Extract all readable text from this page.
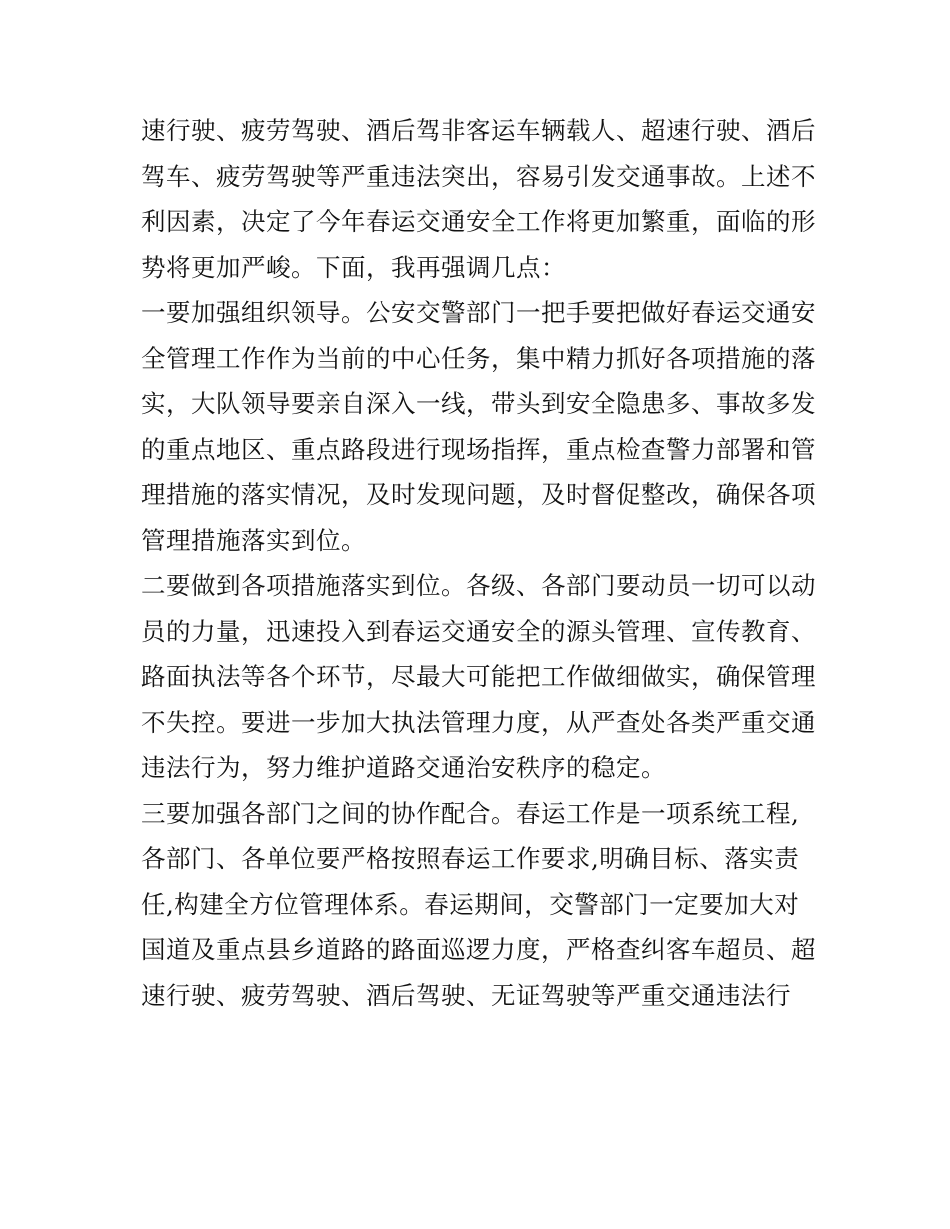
速行驶、疲劳驾驶、酒后驾非客运车辆载人、超速行驶、酒后
驾车、疲劳驾驶等严重违法突出，容易引发交通事故。上述不
利因素，决定了今年春运交通安全工作将更加繁重，面临的形
势将更加严峻。下面，我再强调几点：
一要加强组织领导。公安交警部门一把手要把做好春运交通安
全管理工作作为当前的中心任务，集中精力抓好各项措施的落
实，大队领导要亲自深入一线，带头到安全隐患多、事故多发
的重点地区、重点路段进行现场指挥，重点检查警力部署和管
理措施的落实情况，及时发现问题，及时督促整改，确保各项
管理措施落实到位。
二要做到各项措施落实到位。各级、各部门要动员一切可以动
员的力量，迅速投入到春运交通安全的源头管理、宣传教育、
路面执法等各个环节，尽最大可能把工作做细做实，确保管理
不失控。要进一步加大执法管理力度，从严查处各类严重交通
违法行为，努力维护道路交通治安秩序的稳定。
三要加强各部门之间的协作配合。春运工作是一项系统工程,
各部门、各单位要严格按照春运工作要求,明确目标、落实责
任,构建全方位管理体系。春运期间，交警部门一定要加大对
国道及重点县乡道路的路面巡逻力度，严格查纠客车超员、超
速行驶、疲劳驾驶、酒后驾驶、无证驾驶等严重交通违法行
